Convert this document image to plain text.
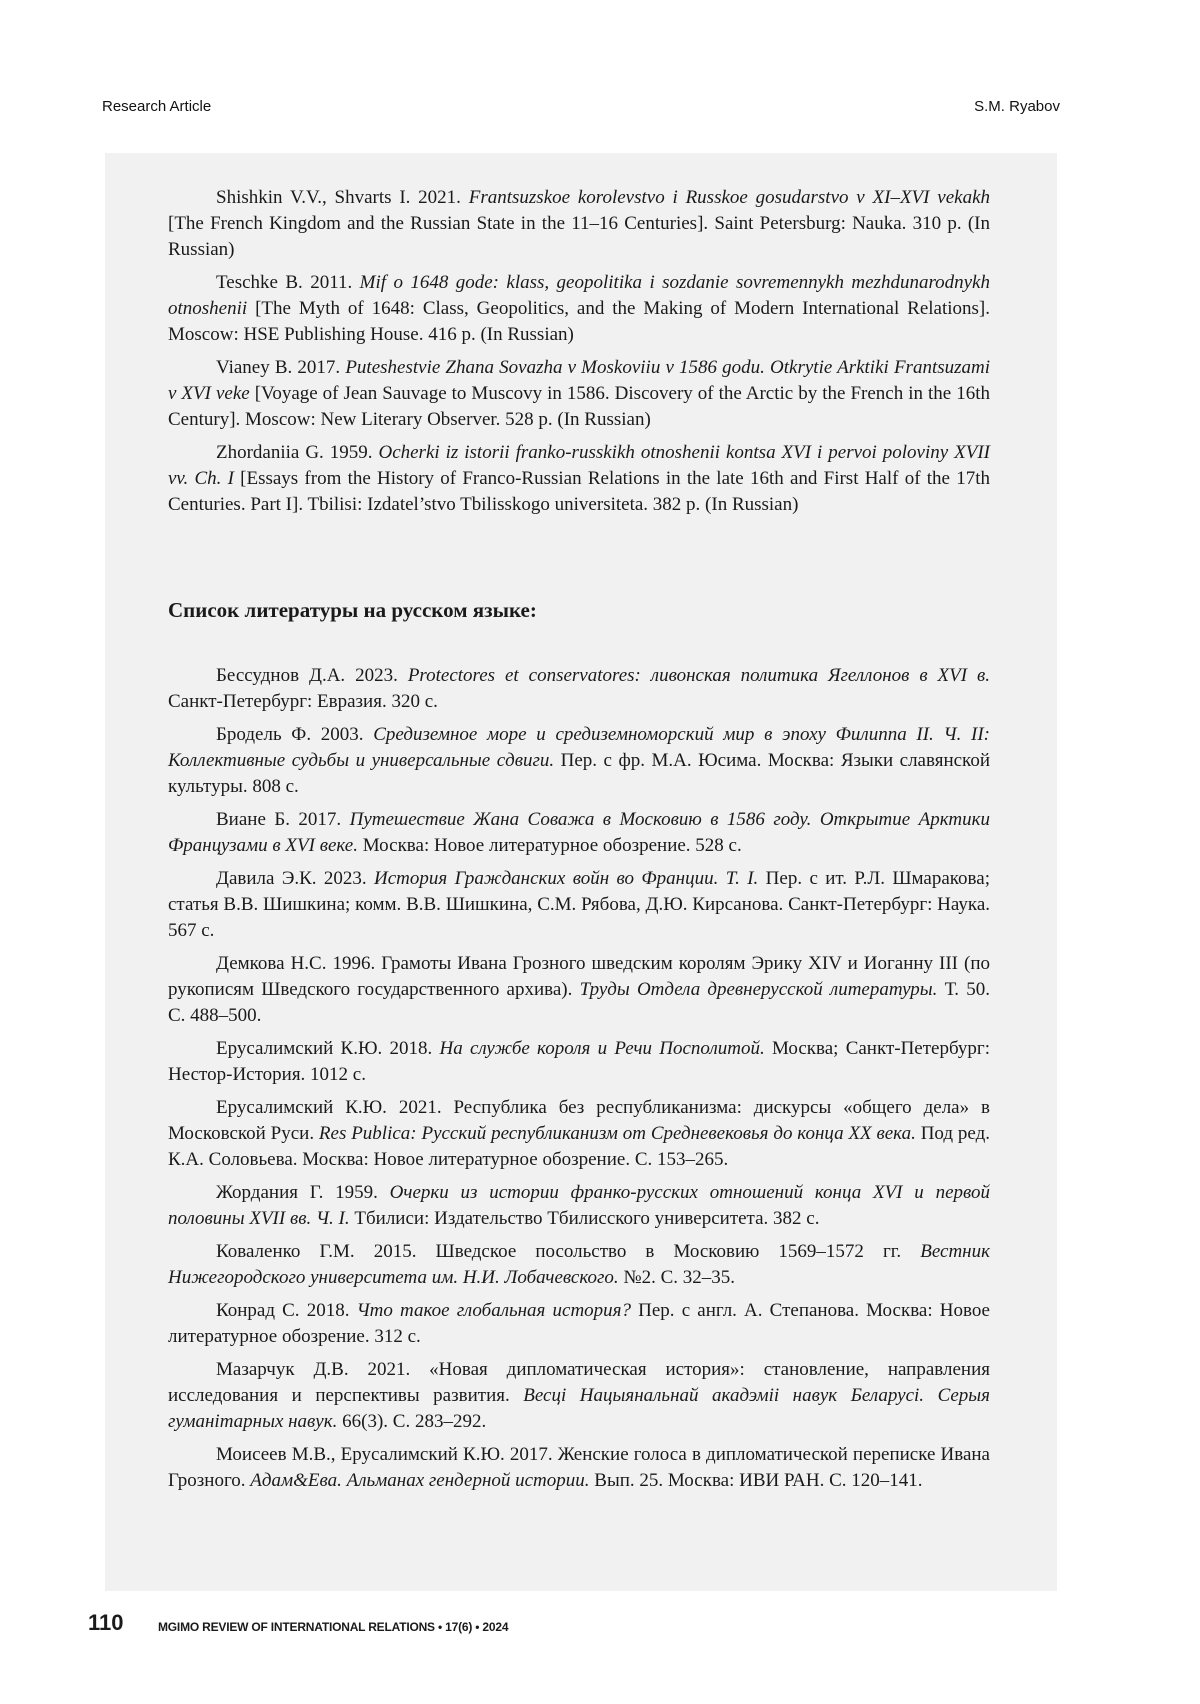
Research Article	S.M. Ryabov

Shishkin V.V., Shvarts I. 2021. Frantsuzskoe korolevstvo i Russkoe gosudarstvo v XI–XVI vekakh [The French Kingdom and the Russian State in the 11–16 Centuries]. Saint Petersburg: Nauka. 310 p. (In Russian)

Teschke B. 2011. Mif o 1648 gode: klass, geopolitika i sozdanie sovremennykh mezhdunarodnykh otnoshenii [The Myth of 1648: Class, Geopolitics, and the Making of Modern International Relations]. Moscow: HSE Publishing House. 416 p. (In Russian)

Vianey B. 2017. Puteshestvie Zhana Sovazha v Moskoviiu v 1586 godu. Otkrytie Arktiki Frantsuzami v XVI veke [Voyage of Jean Sauvage to Muscovy in 1586. Discovery of the Arctic by the French in the 16th Century]. Moscow: New Literary Observer. 528 p. (In Russian)

Zhordaniia G. 1959. Ocherki iz istorii franko-russkikh otnoshenii kontsa XVI i pervoi poloviny XVII vv. Ch. I [Essays from the History of Franco-Russian Relations in the late 16th and First Half of the 17th Centuries. Part I]. Tbilisi: Izdatel’stvo Tbilisskogo universiteta. 382 p. (In Russian)

Список литературы на русском языке:

Бессуднов Д.А. 2023. Protectores et conservatores: ливонская политика Ягеллонов в XVI в. Санкт-Петербург: Евразия. 320 с.

Бродель Ф. 2003. Средиземное море и средиземноморский мир в эпоху Филиппа II. Ч. II: Коллективные судьбы и универсальные сдвиги. Пер. с фр. М.А. Юсима. Москва: Языки славянской культуры. 808 с.

Виане Б. 2017. Путешествие Жана Соважа в Московию в 1586 году. Открытие Арктики Французами в XVI веке. Москва: Новое литературное обозрение. 528 с.

Давила Э.К. 2023. История Гражданских войн во Франции. Т. I. Пер. с ит. Р.Л. Шмаракова; статья В.В. Шишкина; комм. В.В. Шишкина, С.М. Рябова, Д.Ю. Кирсанова. Санкт-Петербург: Наука. 567 с.

Демкова Н.С. 1996. Грамоты Ивана Грозного шведским королям Эрику XIV и Иоганну III (по рукописям Шведского государственного архива). Труды Отдела древнерусской литературы. Т. 50. С. 488–500.

Ерусалимский К.Ю. 2018. На службе короля и Речи Посполитой. Москва; Санкт-Петербург: Нестор-История. 1012 с.

Ерусалимский К.Ю. 2021. Республика без республиканизма: дискурсы «общего дела» в Московской Руси. Res Publica: Русский республиканизм от Средневековья до конца XX века. Под ред. К.А. Соловьева. Москва: Новое литературное обозрение. С. 153–265.

Жордания Г. 1959. Очерки из истории франко-русских отношений конца XVI и первой половины XVII вв. Ч. I. Тбилиси: Издательство Тбилисского университета. 382 с.

Коваленко Г.М. 2015. Шведское посольство в Московию 1569–1572 гг. Вестник Нижегородского университета им. Н.И. Лобачевского. №2. С. 32–35.

Конрад С. 2018. Что такое глобальная история? Пер. с англ. А. Степанова. Москва: Новое литературное обозрение. 312 с.

Мазарчук Д.В. 2021. «Новая дипломатическая история»: становление, направления исследования и перспективы развития. Весці Нацыянальнай акадэміі навук Беларусі. Серыя гуманітарных навук. 66(3). С. 283–292.

Моисеев М.В., Ерусалимский К.Ю. 2017. Женские голоса в дипломатической переписке Ивана Грозного. Адам&Ева. Альманах гендерной истории. Вып. 25. Москва: ИВИ РАН. С. 120–141.

110	MGIMO REVIEW OF INTERNATIONAL RELATIONS • 17(6) • 2024
